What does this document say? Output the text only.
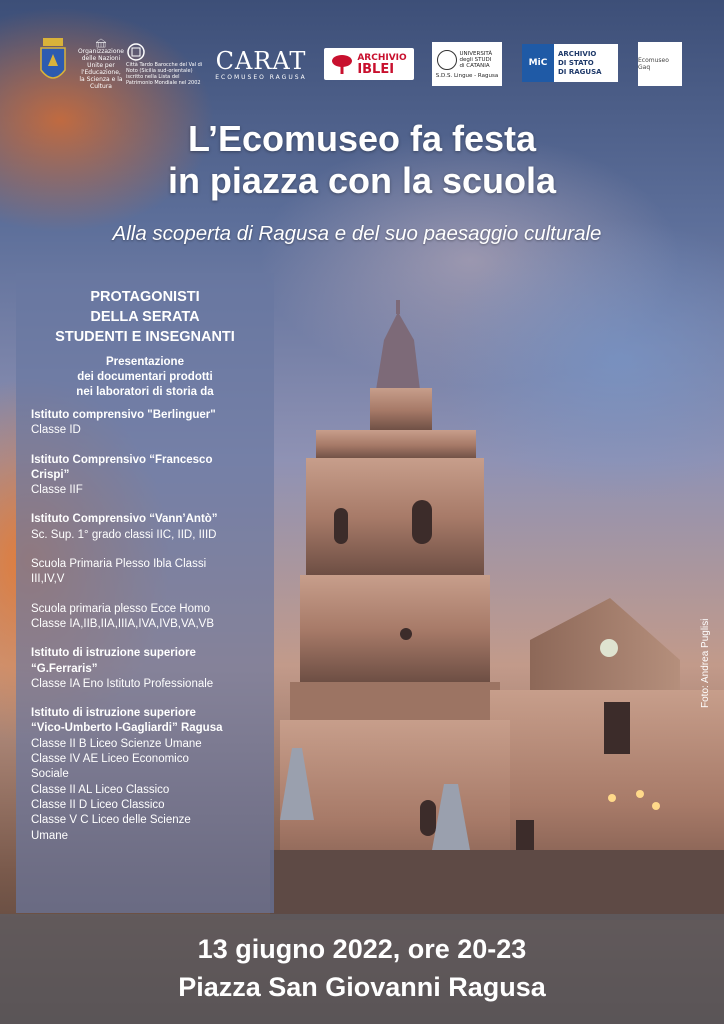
Organizzazione delle Nazioni Unite per l'Educazione, la Scienza e la Cultura
Città Tardo Barocche del Val di Noto (Sicilia sud-orientale) iscritto nella Lista del Patrimonio Mondiale nel 2002
CARAT
ECOMUSEO RAGUSA
ARCHIVIO
IBLEI
UNIVERSITÀ degli STUDI di CATANIA
S.D.S. Lingue - Ragusa
MiC
ARCHIVIO
DI STATO
DI RAGUSA
Ecomuseo Gaq
L’Ecomuseo fa festa
in piazza con la scuola
Alla scoperta di Ragusa e del suo paesaggio culturale
PROTAGONISTI
DELLA SERATA
STUDENTI E INSEGNANTI
Presentazione
dei documentari prodotti
nei laboratori di storia da
Istituto comprensivo "Berlinguer"
Classe ID
Istituto Comprensivo “Francesco
Crispi”
Classe IIF
Istituto Comprensivo “Vann’Antò”
Sc. Sup. 1° grado classi IIC, IID, IIID
Scuola Primaria Plesso Ibla Classi
III,IV,V
Scuola primaria plesso Ecce Homo
Classe IA,IIB,IIA,IIIA,IVA,IVB,VA,VB
Istituto di istruzione superiore
“G.Ferraris”
Classe IA Eno Istituto Professionale
Istituto di istruzione superiore
“Vico-Umberto I-Gagliardi” Ragusa
Classe II B Liceo Scienze Umane
Classe IV AE Liceo Economico
Sociale
Classe II AL Liceo Classico
Classe II D Liceo Classico
Classe V C Liceo delle Scienze
Umane
Foto: Andrea Puglisi
13 giugno 2022, ore 20-23
Piazza San Giovanni Ragusa
